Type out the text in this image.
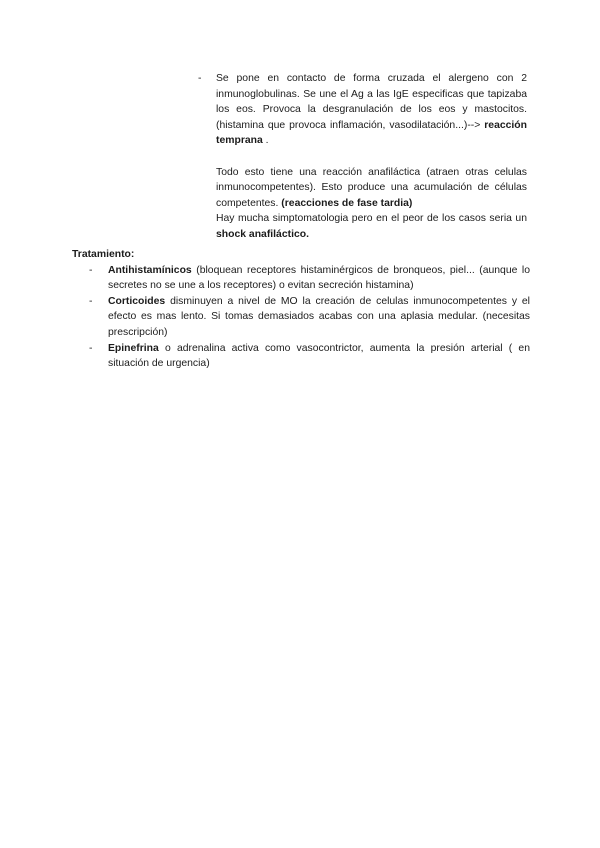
- Se pone en contacto de forma cruzada el alergeno con 2 inmunoglobulinas. Se une el Ag a las IgE especificas que tapizaba los eos. Provoca la desgranulación de los eos y mastocitos. (histamina que provoca inflamación, vasodilatación...)--> reacción temprana .

Todo esto tiene una reacción anafiláctica (atraen otras celulas inmunocompetentes). Esto produce una acumulación de células competentes. (reacciones de fase tardia)

Hay mucha simptomatologia pero en el peor de los casos seria un shock anafiláctico.

Tratamiento:

- Antihistamínicos (bloquean receptores histaminérgicos de bronqueos, piel... (aunque lo secretes no se une a los receptores) o evitan secreción histamina)
- Corticoides disminuyen a nivel de MO la creación de celulas inmunocompetentes y el efecto es mas lento. Si tomas demasiados acabas con una aplasia medular. (necesitas prescripción)
- Epinefrina o adrenalina activa como vasocontrictor, aumenta la presión arterial ( en situación de urgencia)
